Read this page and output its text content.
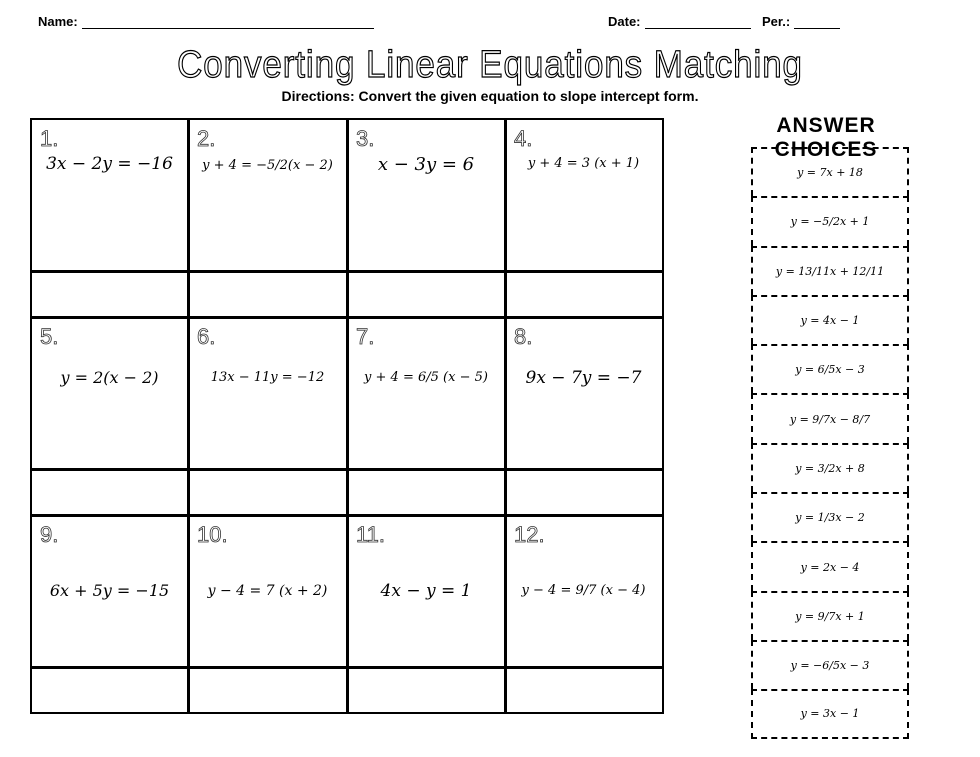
Name:	Date:	Per.:
Converting Linear Equations Matching
Directions: Convert the given equation to slope intercept form.
1.
3x − 2y = −16
2.
y + 4 = −5/2(x − 2)
3.
x − 3y = 6
4.
y + 4 = 3 (x + 1)
5.
y = 2(x − 2)
6.
13x − 11y = −12
7.
y + 4 = 6/5 (x − 5)
8.
9x − 7y = −7
9.
6x + 5y = −15
10.
y − 4 = 7 (x + 2)
11.
4x − y = 1
12.
y − 4 = 9/7 (x − 4)
ANSWER CHOICES
y = 7x + 18
y = −5/2x + 1
y = 13/11x + 12/11
y = 4x − 1
y = 6/5x − 3
y = 9/7x − 8/7
y = 3/2x + 8
y = 1/3x − 2
y = 2x − 4
y = 9/7x + 1
y = −6/5x − 3
y = 3x − 1
